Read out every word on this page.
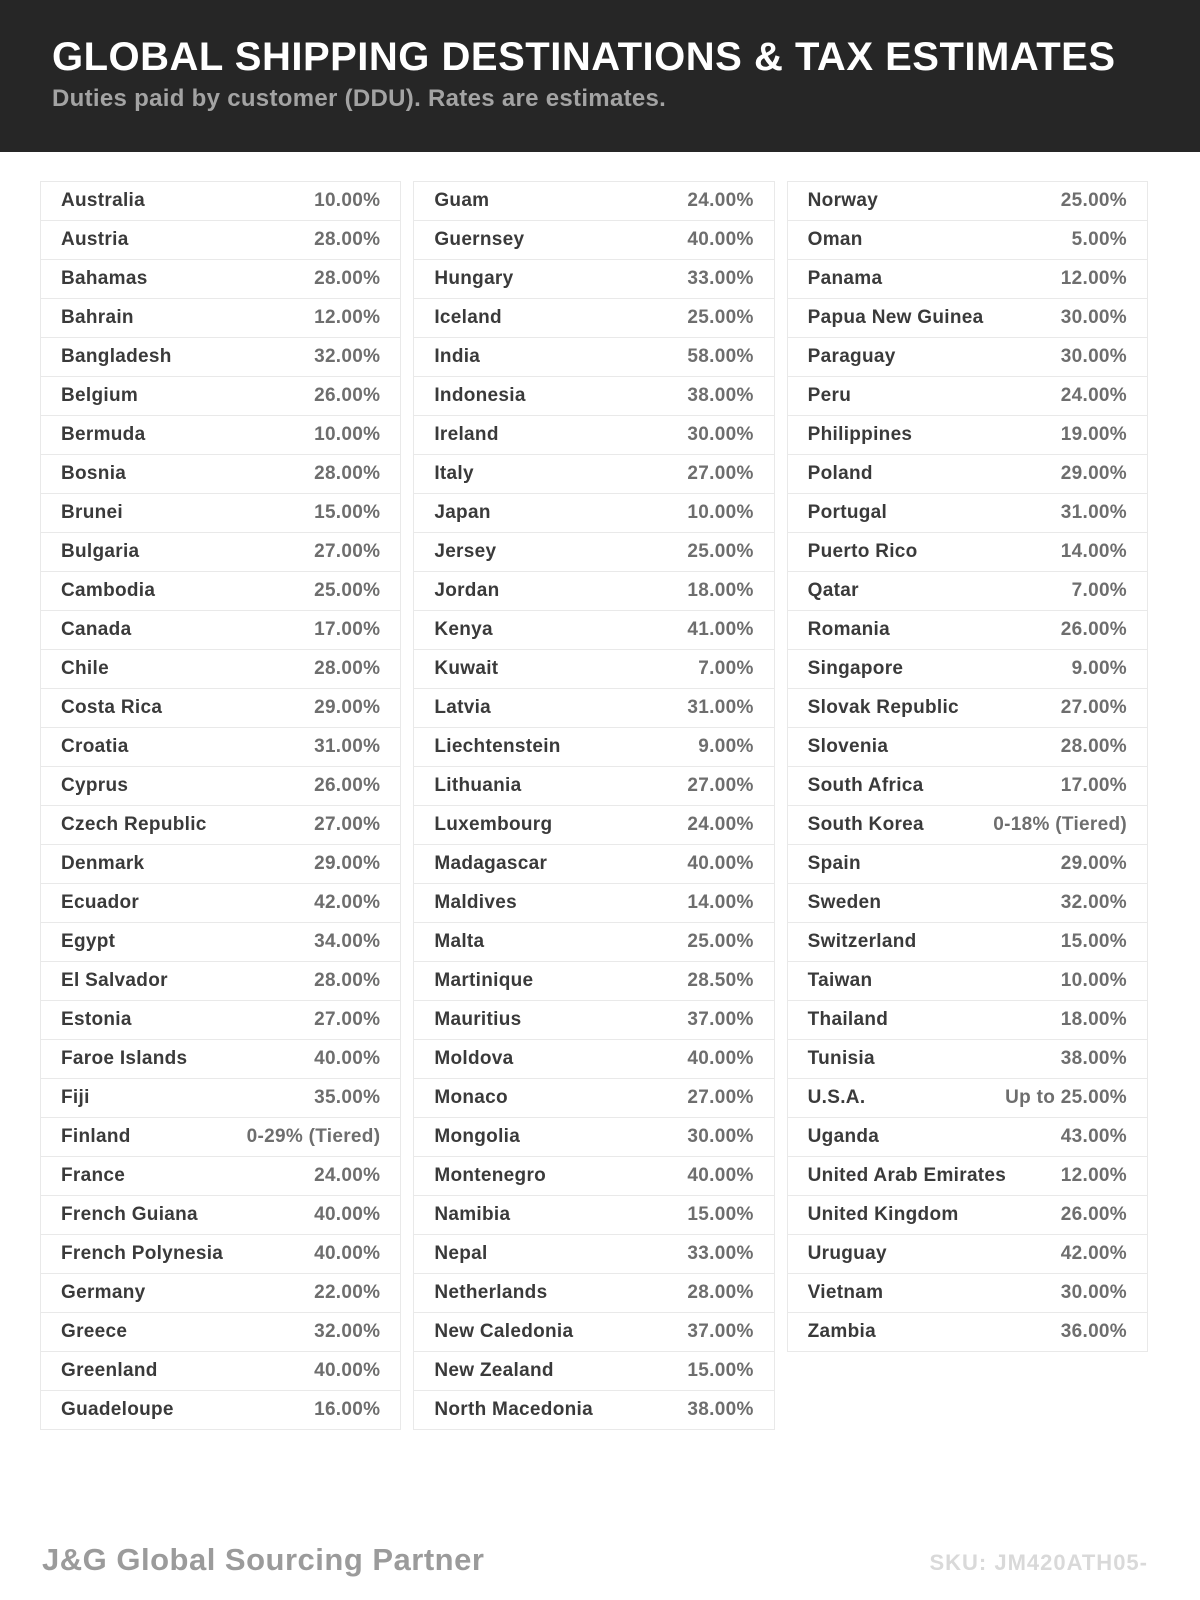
GLOBAL SHIPPING DESTINATIONS & TAX ESTIMATES

Duties paid by customer (DDU). Rates are estimates.

Australia	10.00%
Austria	28.00%
Bahamas	28.00%
Bahrain	12.00%
Bangladesh	32.00%
Belgium	26.00%
Bermuda	10.00%
Bosnia	28.00%
Brunei	15.00%
Bulgaria	27.00%
Cambodia	25.00%
Canada	17.00%
Chile	28.00%
Costa Rica	29.00%
Croatia	31.00%
Cyprus	26.00%
Czech Republic	27.00%
Denmark	29.00%
Ecuador	42.00%
Egypt	34.00%
El Salvador	28.00%
Estonia	27.00%
Faroe Islands	40.00%
Fiji	35.00%
Finland	0-29% (Tiered)
France	24.00%
French Guiana	40.00%
French Polynesia	40.00%
Germany	22.00%
Greece	32.00%
Greenland	40.00%
Guadeloupe	16.00%
Guam	24.00%
Guernsey	40.00%
Hungary	33.00%
Iceland	25.00%
India	58.00%
Indonesia	38.00%
Ireland	30.00%
Italy	27.00%
Japan	10.00%
Jersey	25.00%
Jordan	18.00%
Kenya	41.00%
Kuwait	7.00%
Latvia	31.00%
Liechtenstein	9.00%
Lithuania	27.00%
Luxembourg	24.00%
Madagascar	40.00%
Maldives	14.00%
Malta	25.00%
Martinique	28.50%
Mauritius	37.00%
Moldova	40.00%
Monaco	27.00%
Mongolia	30.00%
Montenegro	40.00%
Namibia	15.00%
Nepal	33.00%
Netherlands	28.00%
New Caledonia	37.00%
New Zealand	15.00%
North Macedonia	38.00%
Norway	25.00%
Oman	5.00%
Panama	12.00%
Papua New Guinea	30.00%
Paraguay	30.00%
Peru	24.00%
Philippines	19.00%
Poland	29.00%
Portugal	31.00%
Puerto Rico	14.00%
Qatar	7.00%
Romania	26.00%
Singapore	9.00%
Slovak Republic	27.00%
Slovenia	28.00%
South Africa	17.00%
South Korea	0-18% (Tiered)
Spain	29.00%
Sweden	32.00%
Switzerland	15.00%
Taiwan	10.00%
Thailand	18.00%
Tunisia	38.00%
U.S.A.	Up to 25.00%
Uganda	43.00%
United Arab Emirates	12.00%
United Kingdom	26.00%
Uruguay	42.00%
Vietnam	30.00%
Zambia	36.00%
J&G Global Sourcing Partner	SKU: JM420ATH05-
